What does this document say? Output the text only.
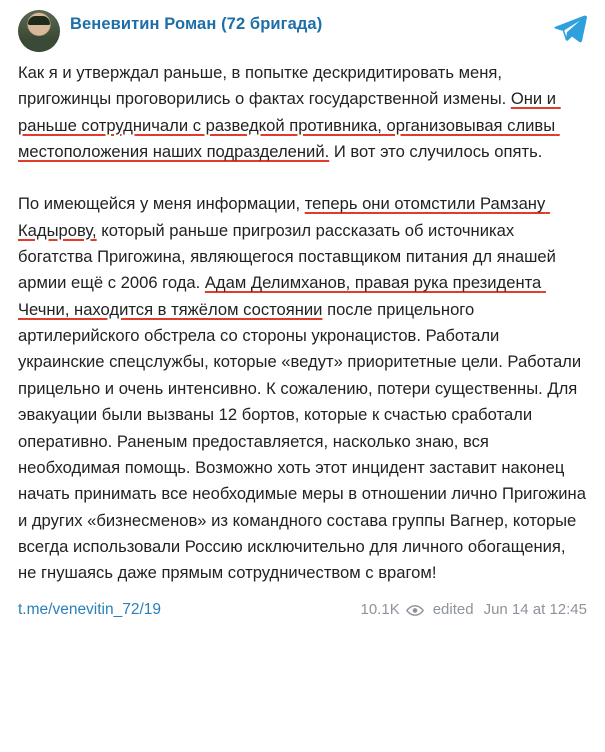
Веневитин Роман (72 бригада)
Как я и утверждал раньше, в попытке дескридитировать меня, пригожинцы проговорились о фактах государственной измены. Они и раньше сотрудничали с разведкой противника, организовывая сливы местоположения наших подразделений. И вот это случилось опять.
По имеющейся у меня информации, теперь они отомстили Рамзану Кадырову, который раньше пригрозил рассказать об источниках богатства Пригожина, являющегося поставщиком питания дл янашей армии ещё с 2006 года. Адам Делимханов, правая рука президента Чечни, находится в тяжёлом состоянии после прицельного артилерийского обстрела со стороны укронацистов. Работали украинские спецслужбы, которые «ведут» приоритетные цели. Работали прицельно и очень интенсивно. К сожалению, потери существенны. Для эвакуации были вызваны 12 бортов, которые к счастью сработали оперативно. Раненым предоставляется, насколько знаю, вся необходимая помощь. Возможно хоть этот инцидент заставит наконец начать принимать все необходимые меры в отношении лично Пригожина и других «бизнесменов» из командного состава группы Вагнер, которые всегда использовали Россию исключительно для личного обогащения, не гнушаясь даже прямым сотрудничеством с врагом!
t.me/venevitin_72/19	10.1K edited Jun 14 at 12:45
